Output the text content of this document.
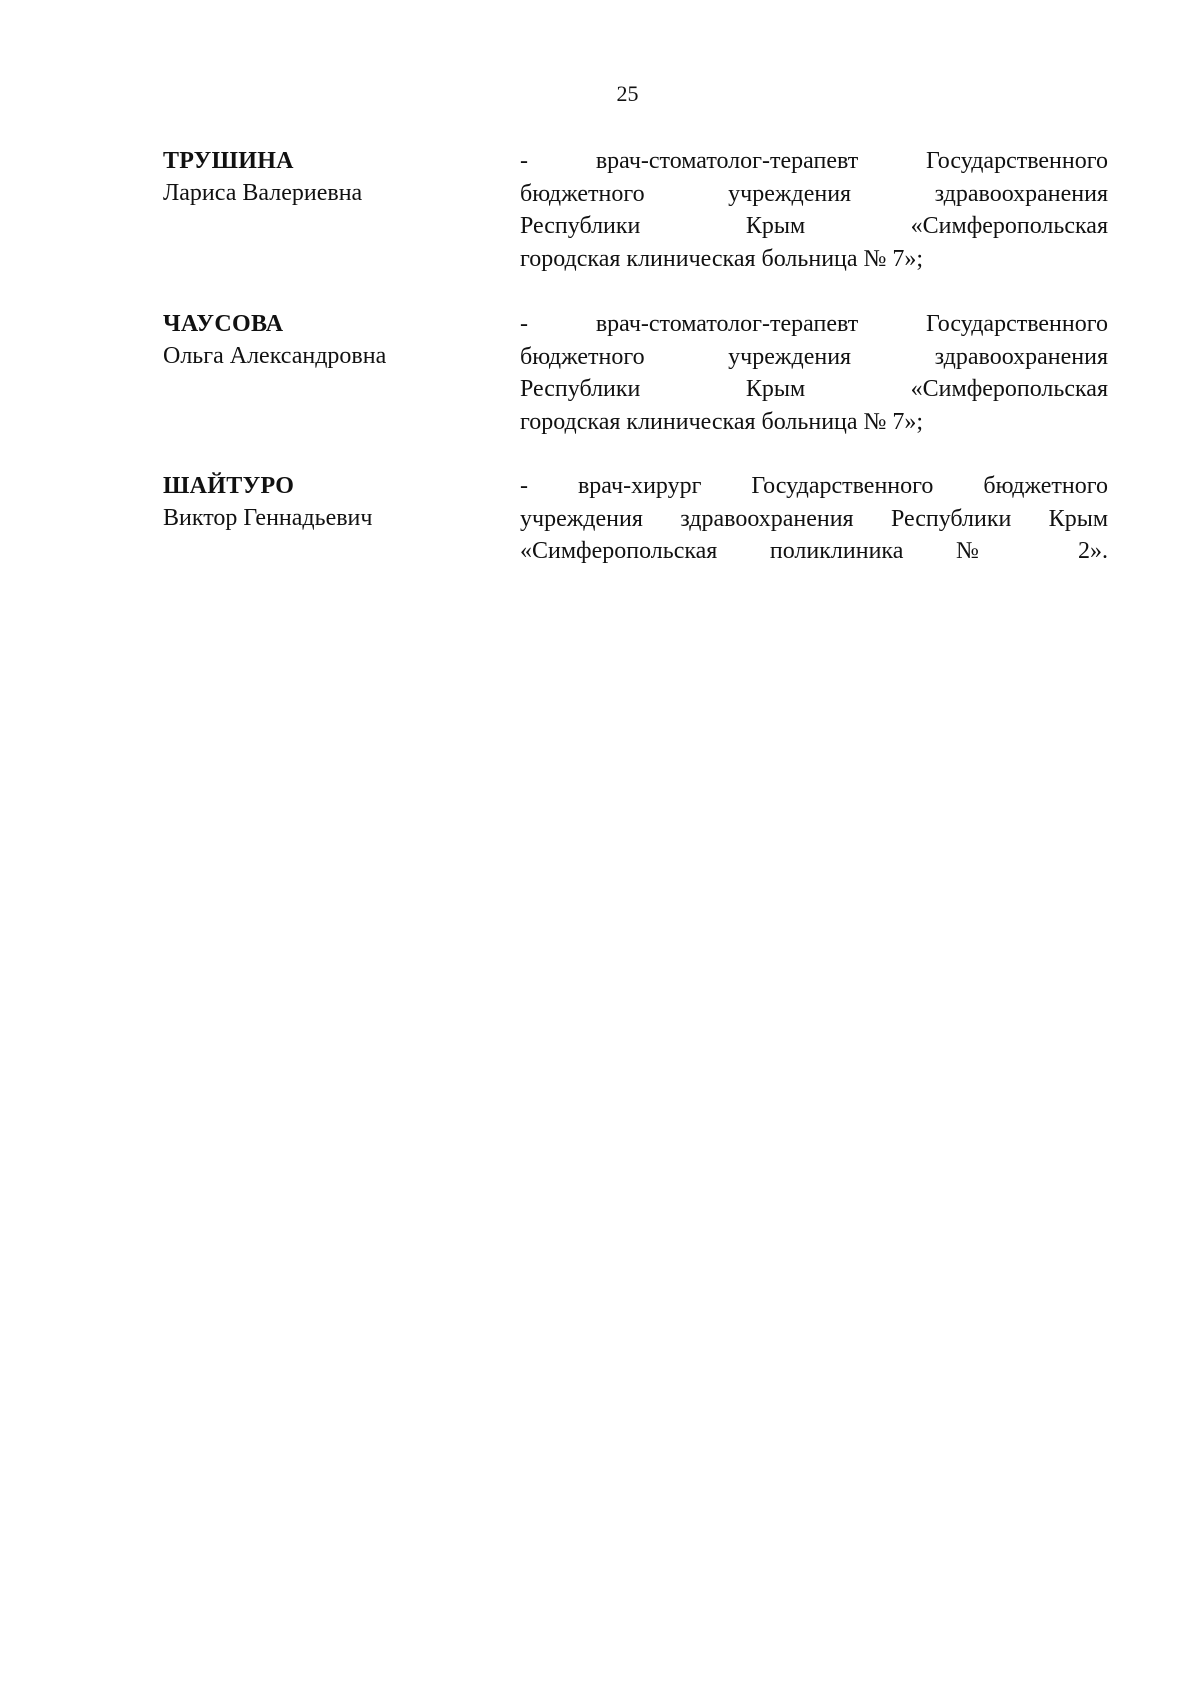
25
ТРУШИНА
Лариса Валериевна
- врач-стоматолог-терапевт Государственного
бюджетного учреждения здравоохранения
Республики Крым «Симферопольская
городская клиническая больница № 7»;
ЧАУСОВА
Ольга Александровна
- врач-стоматолог-терапевт Государственного
бюджетного учреждения здравоохранения
Республики Крым «Симферопольская
городская клиническая больница № 7»;
ШАЙТУРО
Виктор Геннадьевич
- врач-хирург Государственного бюджетного
учреждения здравоохранения Республики Крым
«Симферопольская поликлиника № 2».
